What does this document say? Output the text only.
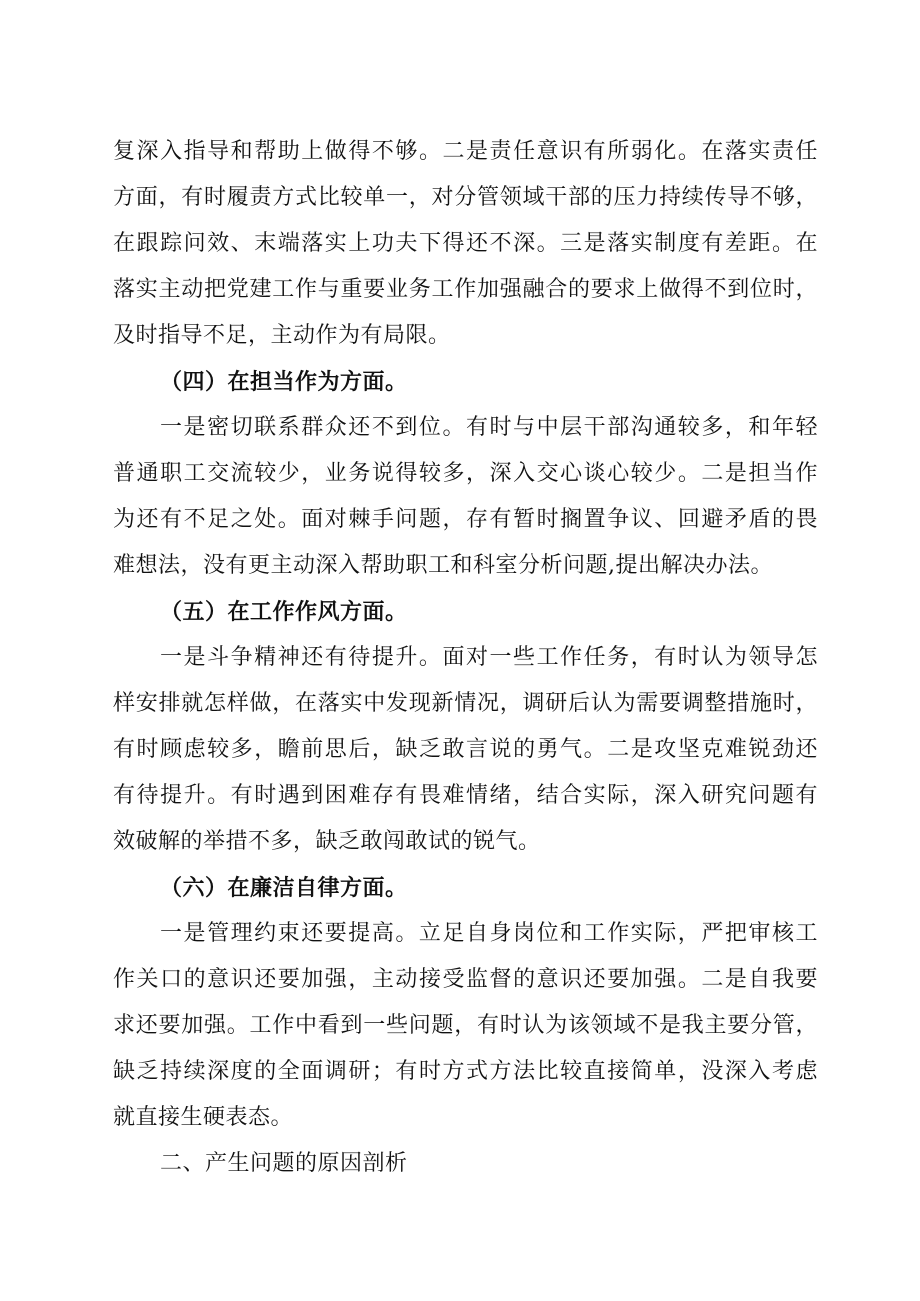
复深入指导和帮助上做得不够。二是责任意识有所弱化。在落实责任
方面，有时履责方式比较单一，对分管领域干部的压力持续传导不够，
在跟踪问效、末端落实上功夫下得还不深。三是落实制度有差距。在
落实主动把党建工作与重要业务工作加强融合的要求上做得不到位时，
及时指导不足，主动作为有局限。
（四）在担当作为方面。
一是密切联系群众还不到位。有时与中层干部沟通较多，和年轻
普通职工交流较少，业务说得较多，深入交心谈心较少。二是担当作
为还有不足之处。面对棘手问题，存有暂时搁置争议、回避矛盾的畏
难想法，没有更主动深入帮助职工和科室分析问题,提出解决办法。
（五）在工作作风方面。
一是斗争精神还有待提升。面对一些工作任务，有时认为领导怎
样安排就怎样做，在落实中发现新情况，调研后认为需要调整措施时，
有时顾虑较多，瞻前思后，缺乏敢言说的勇气。二是攻坚克难锐劲还
有待提升。有时遇到困难存有畏难情绪，结合实际，深入研究问题有
效破解的举措不多，缺乏敢闯敢试的锐气。
（六）在廉洁自律方面。
一是管理约束还要提高。立足自身岗位和工作实际，严把审核工
作关口的意识还要加强，主动接受监督的意识还要加强。二是自我要
求还要加强。工作中看到一些问题，有时认为该领域不是我主要分管，
缺乏持续深度的全面调研；有时方式方法比较直接简单，没深入考虑
就直接生硬表态。
二、产生问题的原因剖析
